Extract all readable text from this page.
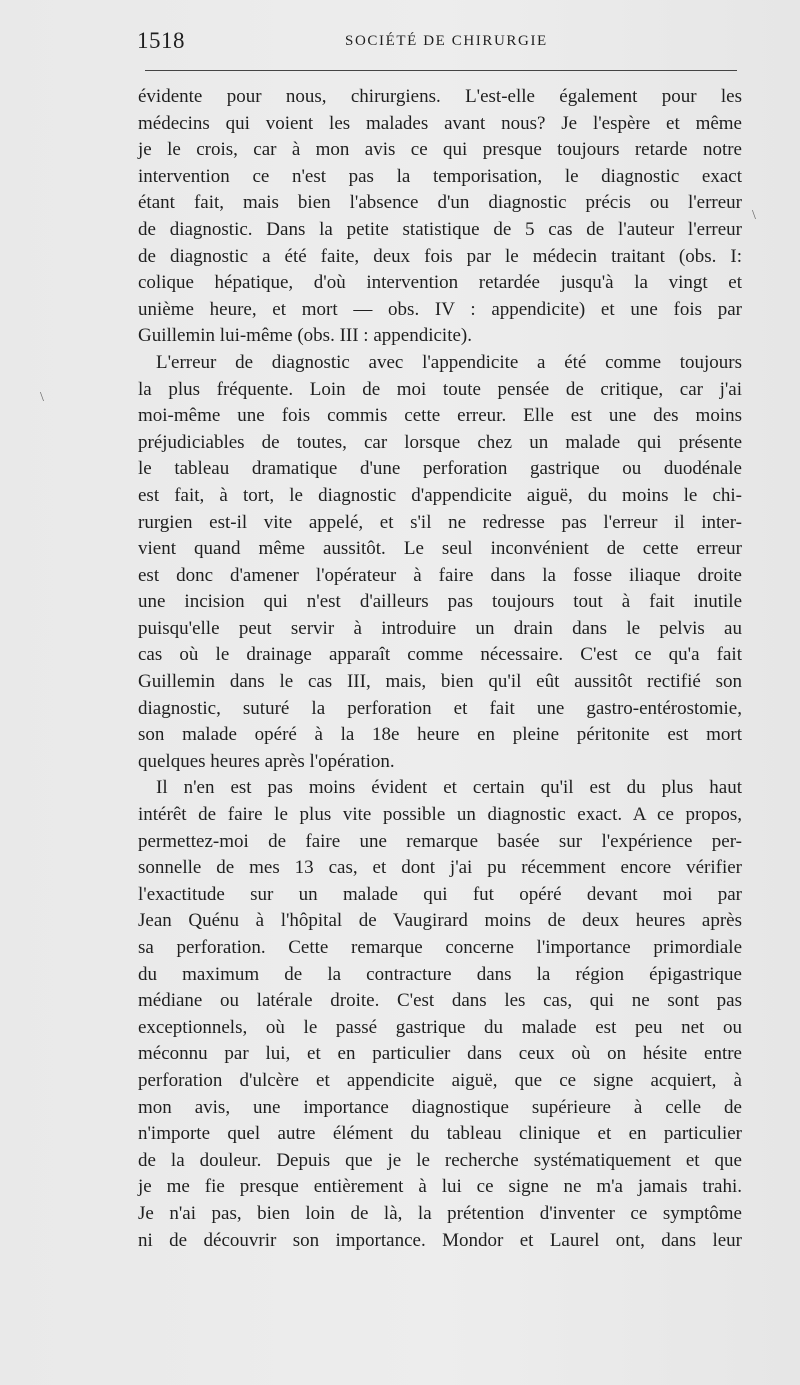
1518	SOCIÉTÉ DE CHIRURGIE
évidente pour nous, chirurgiens. L'est-elle également pour les
médecins qui voient les malades avant nous? Je l'espère et même
je le crois, car à mon avis ce qui presque toujours retarde notre
intervention ce n'est pas la temporisation, le diagnostic exact
étant fait, mais bien l'absence d'un diagnostic précis ou l'erreur
de diagnostic. Dans la petite statistique de 5 cas de l'auteur l'erreur
de diagnostic a été faite, deux fois par le médecin traitant (obs. I:
colique hépatique, d'où intervention retardée jusqu'à la vingt et
unième heure, et mort — obs. IV : appendicite) et une fois par
Guillemin lui-même (obs. III : appendicite).
L'erreur de diagnostic avec l'appendicite a été comme toujours
la plus fréquente. Loin de moi toute pensée de critique, car j'ai
moi-même une fois commis cette erreur. Elle est une des moins
préjudiciables de toutes, car lorsque chez un malade qui présente
le tableau dramatique d'une perforation gastrique ou duodénale
est fait, à tort, le diagnostic d'appendicite aiguë, du moins le chi-
rurgien est-il vite appelé, et s'il ne redresse pas l'erreur il inter-
vient quand même aussitôt. Le seul inconvénient de cette erreur
est donc d'amener l'opérateur à faire dans la fosse iliaque droite
une incision qui n'est d'ailleurs pas toujours tout à fait inutile
puisqu'elle peut servir à introduire un drain dans le pelvis au
cas où le drainage apparaît comme nécessaire. C'est ce qu'a fait
Guillemin dans le cas III, mais, bien qu'il eût aussitôt rectifié son
diagnostic, suturé la perforation et fait une gastro-entérostomie,
son malade opéré à la 18e heure en pleine péritonite est mort
quelques heures après l'opération.
Il n'en est pas moins évident et certain qu'il est du plus haut
intérêt de faire le plus vite possible un diagnostic exact. A ce propos,
permettez-moi de faire une remarque basée sur l'expérience per-
sonnelle de mes 13 cas, et dont j'ai pu récemment encore vérifier
l'exactitude sur un malade qui fut opéré devant moi par
Jean Quénu à l'hôpital de Vaugirard moins de deux heures après
sa perforation. Cette remarque concerne l'importance primordiale
du maximum de la contracture dans la région épigastrique
médiane ou latérale droite. C'est dans les cas, qui ne sont pas
exceptionnels, où le passé gastrique du malade est peu net ou
méconnu par lui, et en particulier dans ceux où on hésite entre
perforation d'ulcère et appendicite aiguë, que ce signe acquiert, à
mon avis, une importance diagnostique supérieure à celle de
n'importe quel autre élément du tableau clinique et en particulier
de la douleur. Depuis que je le recherche systématiquement et que
je me fie presque entièrement à lui ce signe ne m'a jamais trahi.
Je n'ai pas, bien loin de là, la prétention d'inventer ce symptôme
ni de découvrir son importance. Mondor et Laurel ont, dans leur
\
\
